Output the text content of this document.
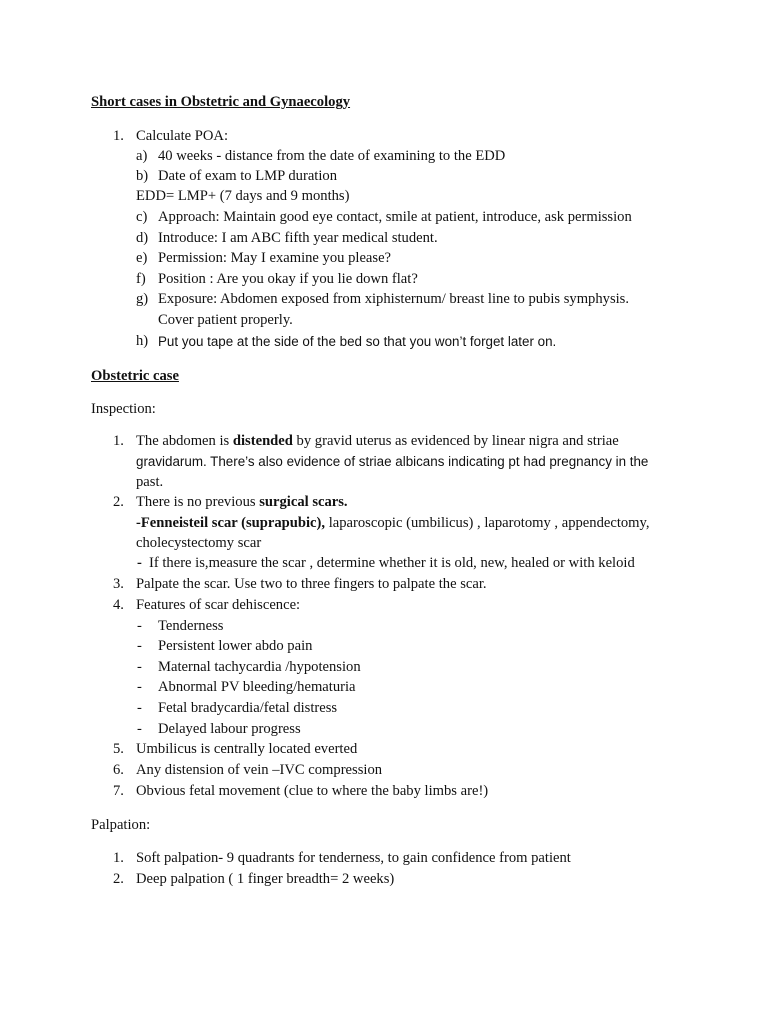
Short cases in Obstetric and Gynaecology
1. Calculate POA:
a) 40 weeks - distance from the date of examining to the EDD
b) Date of exam to LMP duration
EDD= LMP+ (7 days and 9 months)
c) Approach: Maintain good eye contact, smile at patient, introduce, ask permission
d) Introduce: I am ABC fifth year medical student.
e) Permission: May I examine you please?
f) Position : Are you okay if you lie down flat?
g) Exposure: Abdomen exposed from xiphisternum/ breast line to pubis symphysis.
Cover patient properly.
h) Put you tape at the side of the bed so that you won’t forget later on.
Obstetric case
Inspection:
1. The abdomen is distended by gravid uterus as evidenced by linear nigra and striae
gravidarum. There’s also evidence of striae albicans indicating pt had pregnancy in the
past.
2. There is no previous surgical scars.
-Fenneisteil scar (suprapubic), laparoscopic (umbilicus) , laparotomy , appendectomy,
cholecystectomy scar
- If there is,measure the scar , determine whether it is old, new, healed or with keloid
3. Palpate the scar. Use two to three fingers to palpate the scar.
4. Features of scar dehiscence:
- Tenderness
- Persistent lower abdo pain
- Maternal tachycardia /hypotension
- Abnormal PV bleeding/hematuria
- Fetal bradycardia/fetal distress
- Delayed labour progress
5. Umbilicus is centrally located everted
6. Any distension of vein –IVC compression
7. Obvious fetal movement (clue to where the baby limbs are!)
Palpation:
1. Soft palpation- 9 quadrants for tenderness, to gain confidence from patient
2. Deep palpation ( 1 finger breadth= 2 weeks)
